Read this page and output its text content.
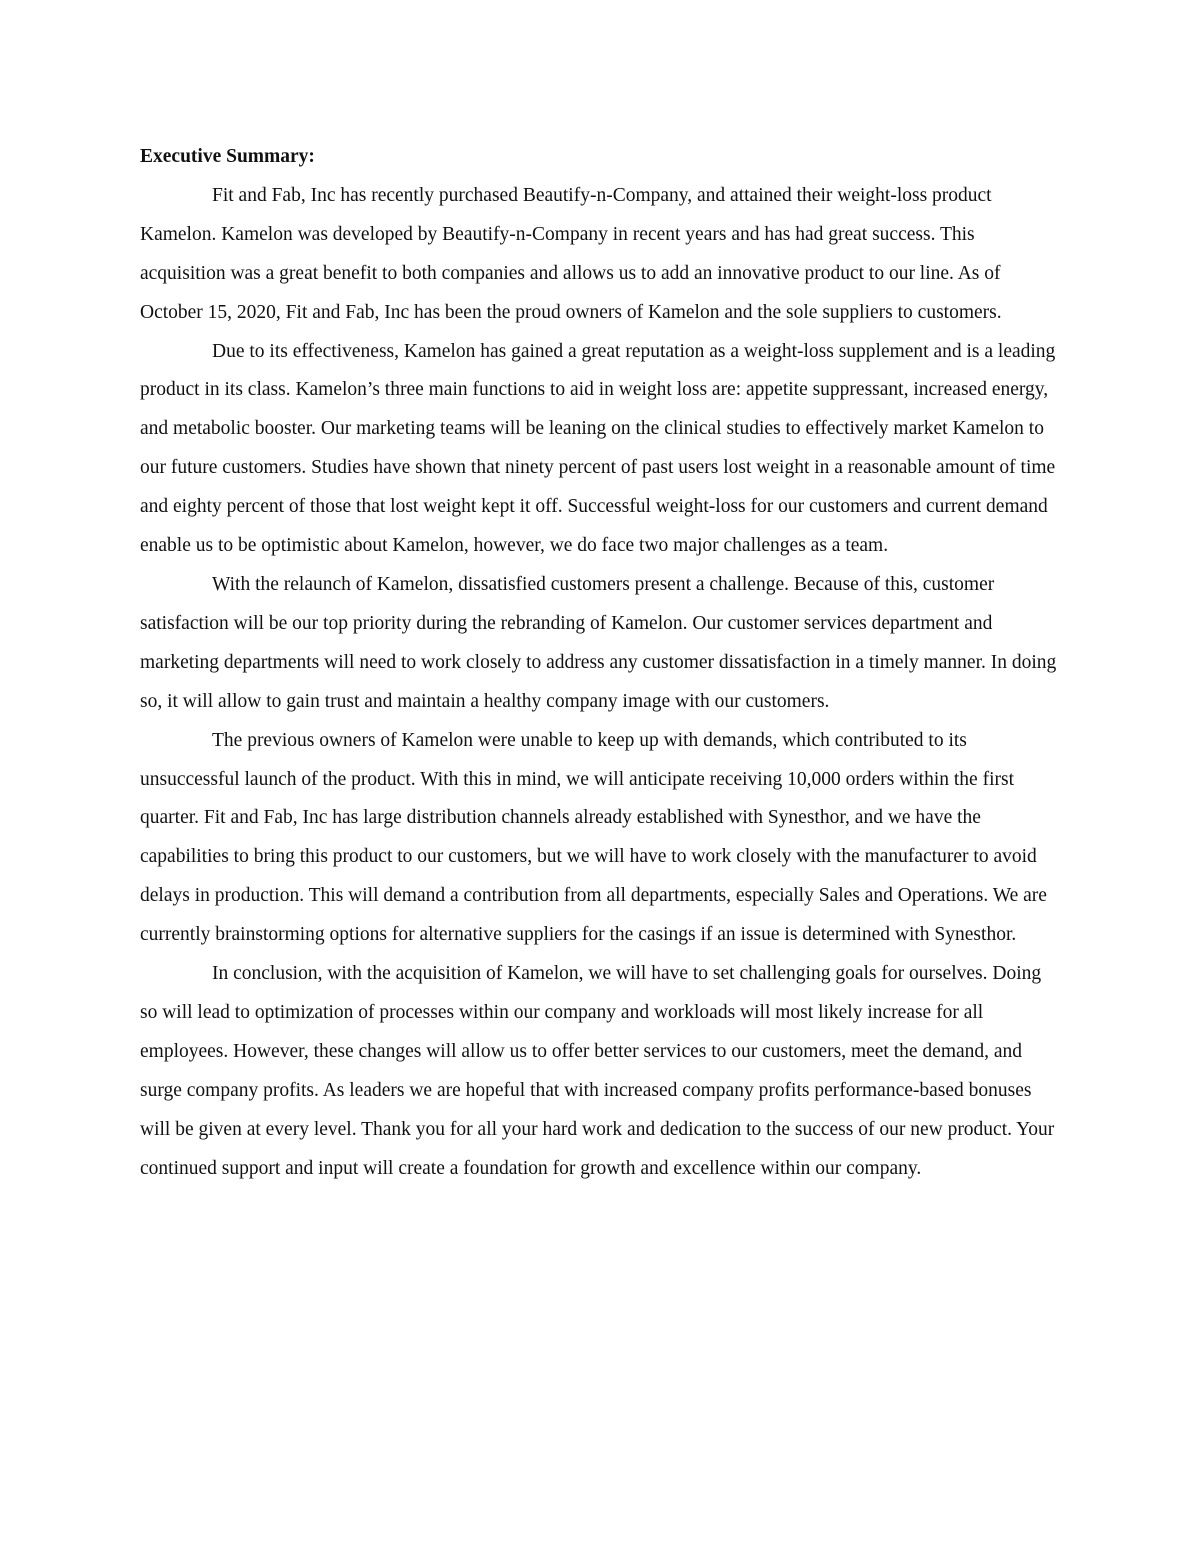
Executive Summary:

Fit and Fab, Inc has recently purchased Beautify-n-Company, and attained their weight-loss product Kamelon. Kamelon was developed by Beautify-n-Company in recent years and has had great success. This acquisition was a great benefit to both companies and allows us to add an innovative product to our line. As of October 15, 2020, Fit and Fab, Inc has been the proud owners of Kamelon and the sole suppliers to customers.

Due to its effectiveness, Kamelon has gained a great reputation as a weight-loss supplement and is a leading product in its class. Kamelon’s three main functions to aid in weight loss are: appetite suppressant, increased energy, and metabolic booster. Our marketing teams will be leaning on the clinical studies to effectively market Kamelon to our future customers. Studies have shown that ninety percent of past users lost weight in a reasonable amount of time and eighty percent of those that lost weight kept it off. Successful weight-loss for our customers and current demand enable us to be optimistic about Kamelon, however, we do face two major challenges as a team.

With the relaunch of Kamelon, dissatisfied customers present a challenge. Because of this, customer satisfaction will be our top priority during the rebranding of Kamelon. Our customer services department and marketing departments will need to work closely to address any customer dissatisfaction in a timely manner. In doing so, it will allow to gain trust and maintain a healthy company image with our customers.

The previous owners of Kamelon were unable to keep up with demands, which contributed to its unsuccessful launch of the product. With this in mind, we will anticipate receiving 10,000 orders within the first quarter. Fit and Fab, Inc has large distribution channels already established with Synesthor, and we have the capabilities to bring this product to our customers, but we will have to work closely with the manufacturer to avoid delays in production. This will demand a contribution from all departments, especially Sales and Operations. We are currently brainstorming options for alternative suppliers for the casings if an issue is determined with Synesthor.

In conclusion, with the acquisition of Kamelon, we will have to set challenging goals for ourselves. Doing so will lead to optimization of processes within our company and workloads will most likely increase for all employees. However, these changes will allow us to offer better services to our customers, meet the demand, and surge company profits. As leaders we are hopeful that with increased company profits performance-based bonuses will be given at every level. Thank you for all your hard work and dedication to the success of our new product. Your continued support and input will create a foundation for growth and excellence within our company.
